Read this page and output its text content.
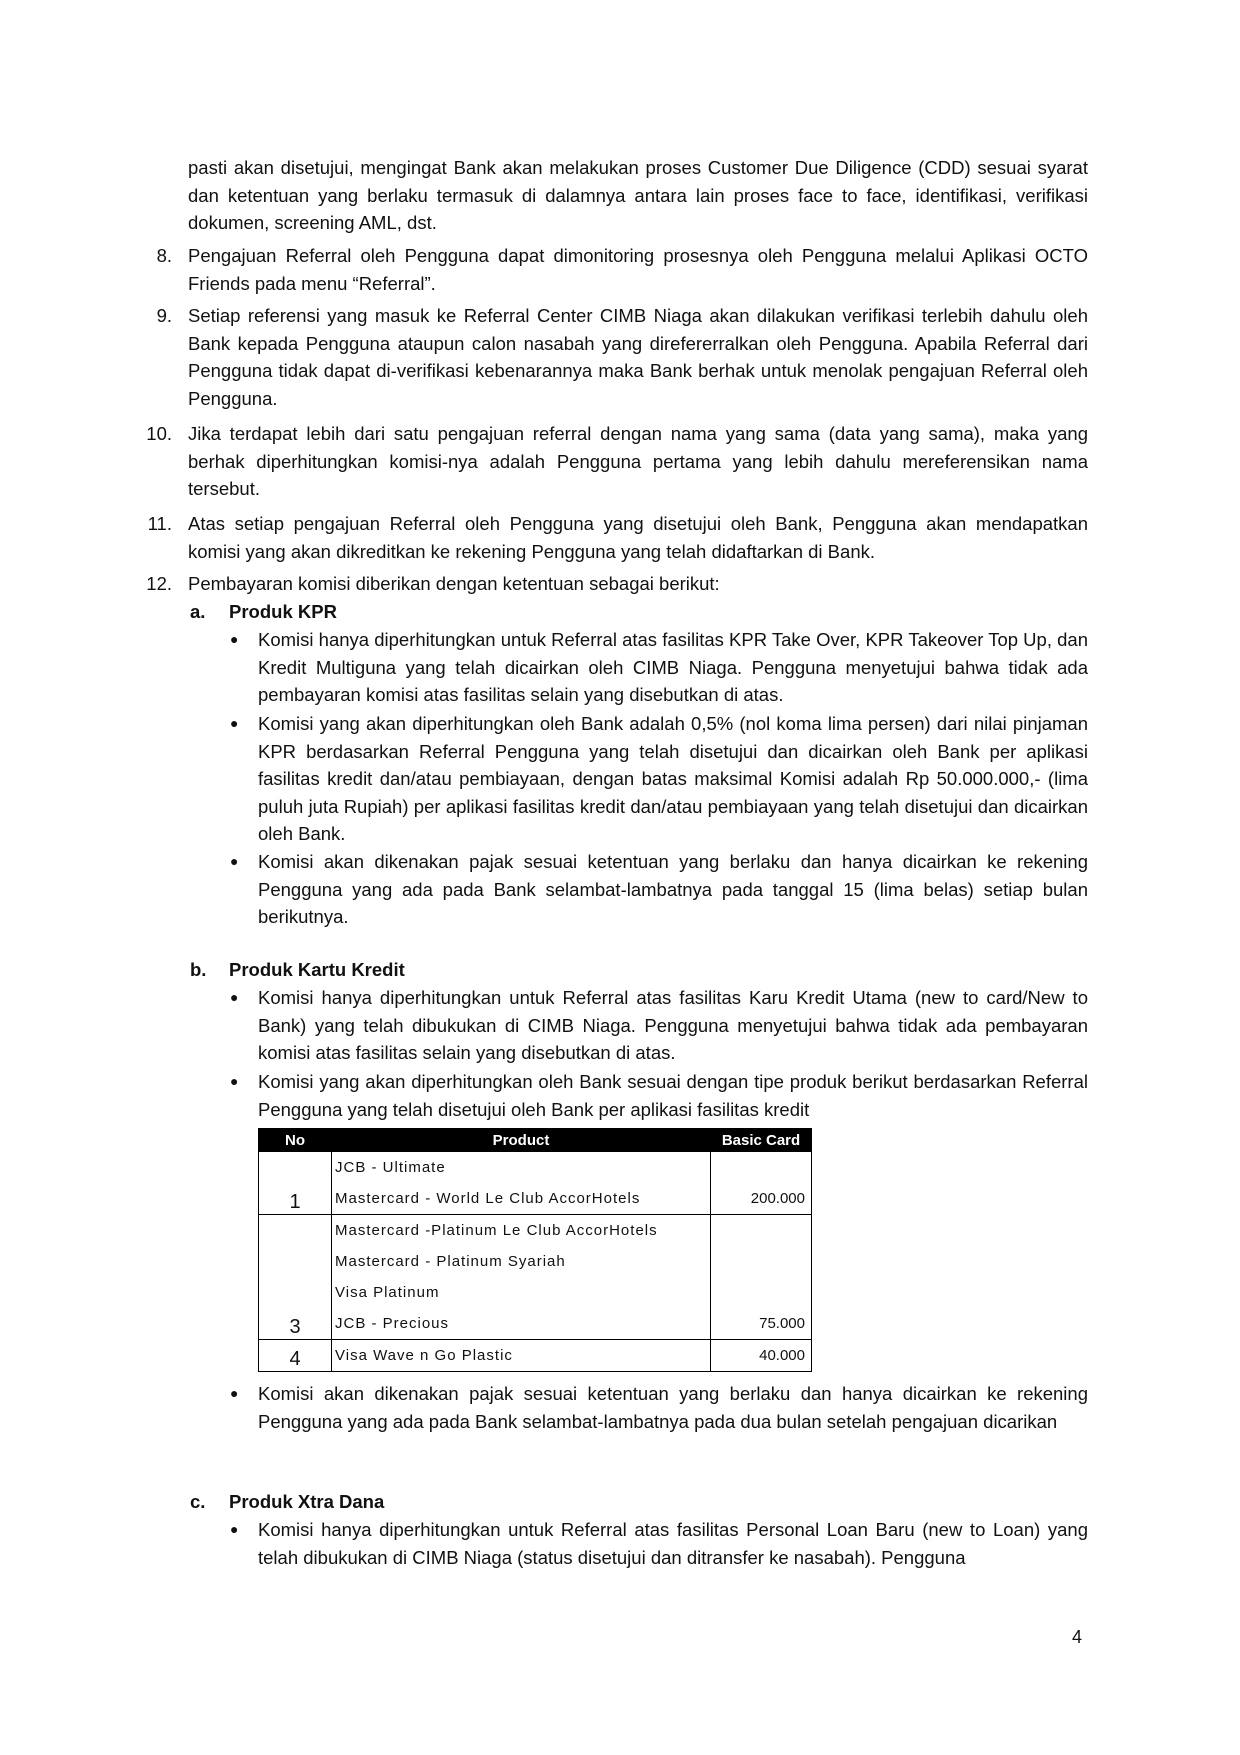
pasti akan disetujui, mengingat Bank akan melakukan proses Customer Due Diligence (CDD) sesuai syarat dan ketentuan yang berlaku termasuk di dalamnya antara lain proses face to face, identifikasi, verifikasi dokumen, screening AML, dst.
8. Pengajuan Referral oleh Pengguna dapat dimonitoring prosesnya oleh Pengguna melalui Aplikasi OCTO Friends pada menu “Referral”.
9. Setiap referensi yang masuk ke Referral Center CIMB Niaga akan dilakukan verifikasi terlebih dahulu oleh Bank kepada Pengguna ataupun calon nasabah yang direfererralkan oleh Pengguna. Apabila Referral dari Pengguna tidak dapat di-verifikasi kebenarannya maka Bank berhak untuk menolak pengajuan Referral oleh Pengguna.
10. Jika terdapat lebih dari satu pengajuan referral dengan nama yang sama (data yang sama), maka yang berhak diperhitungkan komisi-nya adalah Pengguna pertama yang lebih dahulu mereferensikan nama tersebut.
11. Atas setiap pengajuan Referral oleh Pengguna yang disetujui oleh Bank, Pengguna akan mendapatkan komisi yang akan dikreditkan ke rekening Pengguna yang telah didaftarkan di Bank.
12. Pembayaran komisi diberikan dengan ketentuan sebagai berikut:
a. Produk KPR
● Komisi hanya diperhitungkan untuk Referral atas fasilitas KPR Take Over, KPR Takeover Top Up, dan Kredit Multiguna yang telah dicairkan oleh CIMB Niaga. Pengguna menyetujui bahwa tidak ada pembayaran komisi atas fasilitas selain yang disebutkan di atas.
● Komisi yang akan diperhitungkan oleh Bank adalah 0,5% (nol koma lima persen) dari nilai pinjaman KPR berdasarkan Referral Pengguna yang telah disetujui dan dicairkan oleh Bank per aplikasi fasilitas kredit dan/atau pembiayaan, dengan batas maksimal Komisi adalah Rp 50.000.000,- (lima puluh juta Rupiah) per aplikasi fasilitas kredit dan/atau pembiayaan yang telah disetujui dan dicairkan oleh Bank.
● Komisi akan dikenakan pajak sesuai ketentuan yang berlaku dan hanya dicairkan ke rekening Pengguna yang ada pada Bank selambat-lambatnya pada tanggal 15 (lima belas) setiap bulan berikutnya.
b. Produk Kartu Kredit
● Komisi hanya diperhitungkan untuk Referral atas fasilitas Karu Kredit Utama (new to card/New to Bank) yang telah dibukukan di CIMB Niaga. Pengguna menyetujui bahwa tidak ada pembayaran komisi atas fasilitas selain yang disebutkan di atas.
● Komisi yang akan diperhitungkan oleh Bank sesuai dengan tipe produk berikut berdasarkan Referral Pengguna yang telah disetujui oleh Bank per aplikasi fasilitas kredit
No	Product	Basic Card
1	JCB - Ultimate
Mastercard - World Le Club AccorHotels	200.000

3	Mastercard -Platinum Le Club AccorHotels
Mastercard - Platinum Syariah
Visa Platinum
JCB - Precious	75.000

4	Visa Wave n Go Plastic	40.000
● Komisi akan dikenakan pajak sesuai ketentuan yang berlaku dan hanya dicairkan ke rekening Pengguna yang ada pada Bank selambat-lambatnya pada dua bulan setelah pengajuan dicarikan
c. Produk Xtra Dana
● Komisi hanya diperhitungkan untuk Referral atas fasilitas Personal Loan Baru (new to Loan) yang telah dibukukan di CIMB Niaga (status disetujui dan ditransfer ke nasabah). Pengguna
4
